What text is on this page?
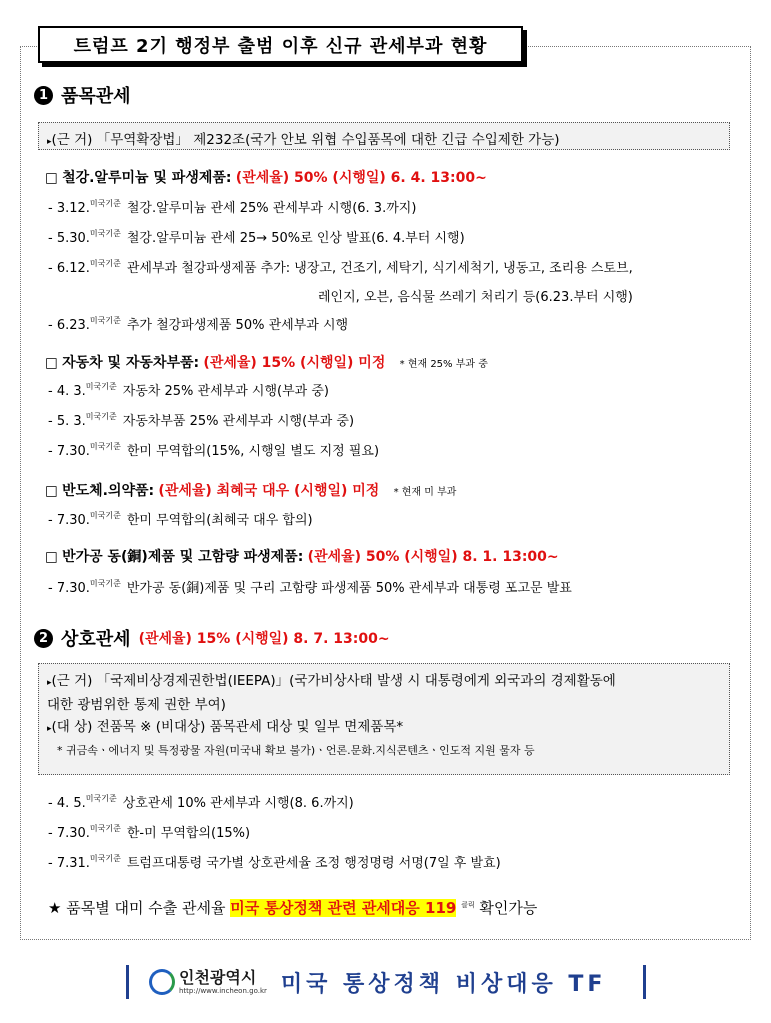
트럼프 2기 행정부 출범 이후 신규 관세부과 현황
1 품목관세
▸(근 거) 「무역확장법」 제232조(국가 안보 위협 수입품목에 대한 긴급 수입제한 가능)
□ 철강.알루미늄 및 파생제품: (관세율) 50% (시행일) 6. 4. 13:00~
- 3.12.$^{미국기준}$ 철강.알루미늄 관세 25% 관세부과 시행(6. 3.까지)
- 5.30.$^{미국기준}$ 철강.알루미늄 관세 25→ 50%로 인상 발표(6. 4.부터 시행)
- 6.12.$^{미국기준}$ 관세부과 철강파생제품 추가: 냉장고, 건조기, 세탁기, 식기세척기, 냉동고, 조리용 스토브,
레인지, 오븐, 음식물 쓰레기 처리기 등(6.23.부터 시행)
- 6.23.$^{미국기준}$ 추가 철강파생제품 50% 관세부과 시행
□ 자동차 및 자동차부품: (관세율) 15% (시행일) 미정 * 현재 25% 부과 중
- 4. 3.$^{미국기준}$ 자동차 25% 관세부과 시행(부과 중)
- 5. 3.$^{미국기준}$ 자동차부품 25% 관세부과 시행(부과 중)
- 7.30.$^{미국기준}$ 한미 무역합의(15%, 시행일 별도 지정 필요)
□ 반도체.의약품: (관세율) 최혜국 대우 (시행일) 미정 * 현재 미 부과
- 7.30.$^{미국기준}$ 한미 무역합의(최혜국 대우 합의)
□ 반가공 동(銅)제품 및 고함량 파생제품: (관세율) 50% (시행일) 8. 1. 13:00~
- 7.30.$^{미국기준}$ 반가공 동(銅)제품 및 구리 고함량 파생제품 50% 관세부과 대통령 포고문 발표
2 상호관세 (관세율) 15% (시행일) 8. 7. 13:00~
▸(근 거) 「국제비상경제권한법(IEEPA)」(국가비상사태 발생 시 대통령에게 외국과의 경제활동에
대한 광범위한 통제 권한 부여)
▸(대 상) 전품목 ※ (비대상) 품목관세 대상 및 일부 면제품목*
* 귀금속ㆍ에너지 및 특정광물 자원(미국내 확보 불가)ㆍ언론.문화.지식콘텐츠ㆍ인도적 지원 물자 등
- 4. 5.$^{미국기준}$ 상호관세 10% 관세부과 시행(8. 6.까지)
- 7.30.$^{미국기준}$ 한-미 무역합의(15%)
- 7.31.$^{미국기준}$ 트럼프대통령 국가별 상호관세율 조정 행정명령 서명(7일 후 발효)
★ 품목별 대미 수출 관세율 미국 통상정책 관련 관세대응 119 $^{클릭}$ 확인가능
인천광역시
http://www.incheon.go.kr 미국 통상정책 비상대응 TF
